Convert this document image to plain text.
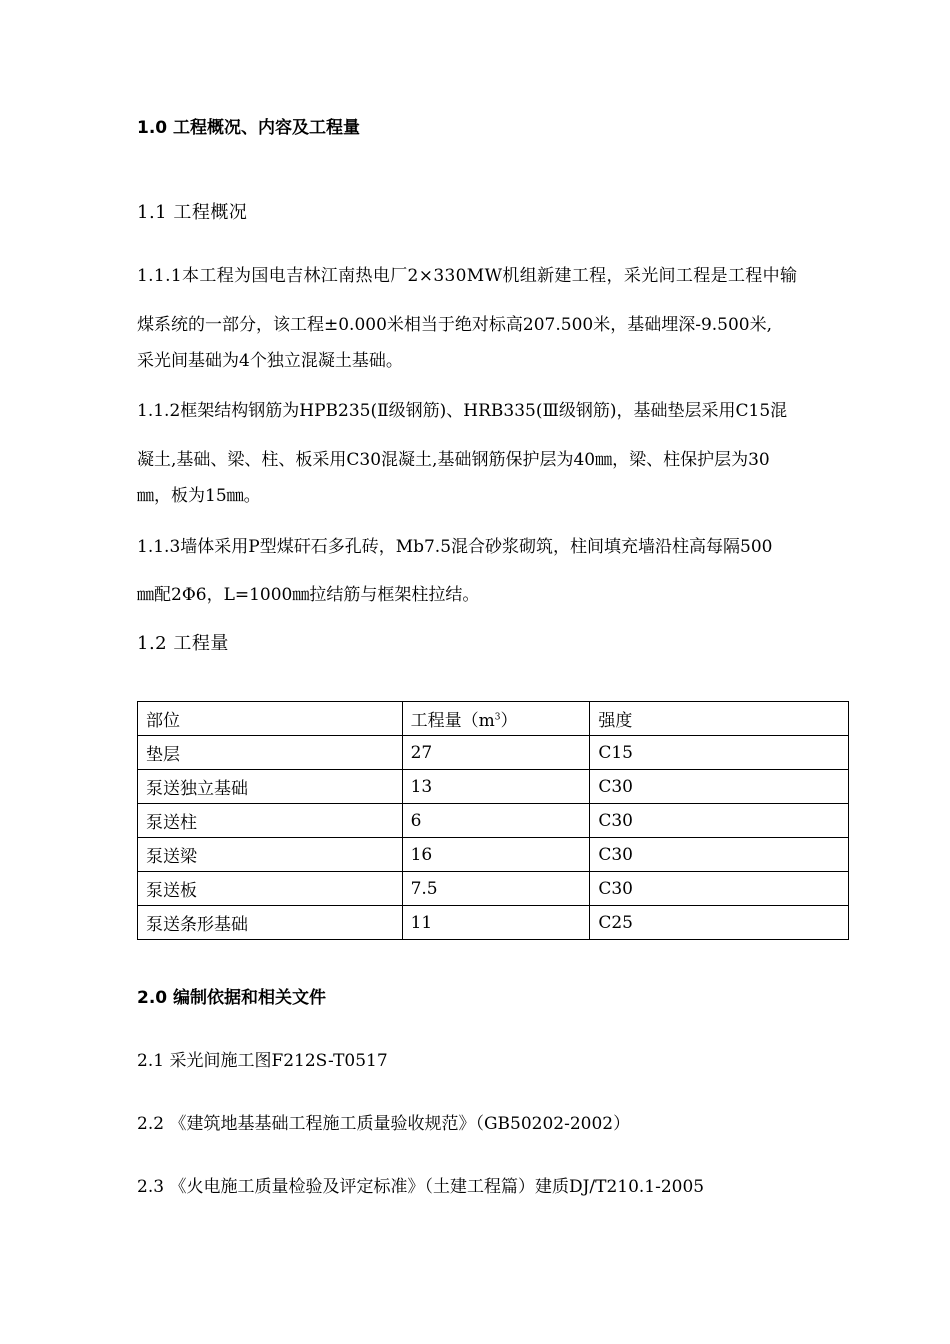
1.0 工程概况、内容及工程量
1.1 工程概况
1.1.1本工程为国电吉林江南热电厂2×330MW机组新建工程，采光间工程是工程中输
煤系统的一部分，该工程±0.000米相当于绝对标高207.500米，基础埋深-9.500米,
采光间基础为4个独立混凝土基础。
1.1.2框架结构钢筋为HPB235(Ⅱ级钢筋)、HRB335(Ⅲ级钢筋)，基础垫层采用C15混
凝土,基础、梁、柱、板采用C30混凝土,基础钢筋保护层为40㎜，梁、柱保护层为30
㎜，板为15㎜。
1.1.3墙体采用P型煤矸石多孔砖，Mb7.5混合砂浆砌筑，柱间填充墙沿柱高每隔500
㎜配2Φ6，L=1000㎜拉结筋与框架柱拉结。
1.2 工程量
部位	工程量$(m^3)$	强度
垫层	27	C15
泵送独立基础	13	C30
泵送柱	6	C30
泵送梁	16	C30
泵送板	7.5	C30
泵送条形基础	11	C25
2.0 编制依据和相关文件
2.1 采光间施工图F212S-T0517
2.2 《建筑地基基础工程施工质量验收规范》（GB50202-2002）
2.3 《火电施工质量检验及评定标准》（土建工程篇）建质DJ/T210.1-2005
